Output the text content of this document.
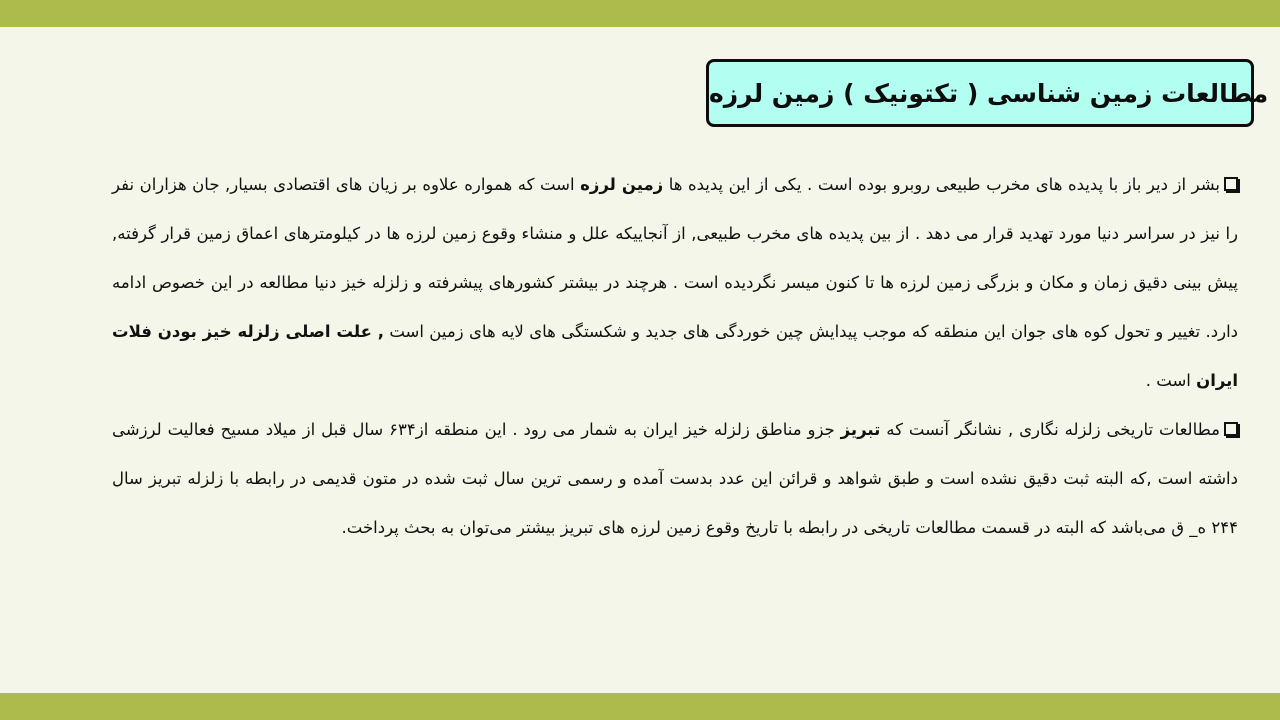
مطالعات زمین شناسی ( تکتونیک ) زمین لرزه

بشر از دیر باز با پدیده های مخرب طبیعی روبرو بوده است . یکی از این پدیده ها زمین لرزه است که همواره علاوه بر زیان های اقتصادی بسیار, جان هزاران نفر را نیز در سراسر دنیا مورد تهدید قرار می دهد . از بین پدیده های مخرب طبیعی, از آنجاییکه علل و منشاء وقوع زمین لرزه ها در کیلومترهای اعماق زمین قرار گرفته, پیش بینی دقیق زمان و مکان و بزرگی زمین لرزه ها تا کنون میسر نگردیده است . هرچند در بیشتر کشورهای پیشرفته و زلزله خیز دنیا مطالعه در این خصوص ادامه دارد. تغییر و تحول کوه های جوان این منطقه که موجب پیدایش چین خوردگی های جدید و شکستگی های لایه های زمین است , علت اصلی زلزله خیز بودن فلات ایران است .

مطالعات تاریخی زلزله نگاری , نشانگر آنست که تبریز جزو مناطق زلزله خیز ایران به شمار می رود . این منطقه از۶۳۴ سال قبل از میلاد مسیح فعالیت لرزشی داشته است ,که البته ثبت دقیق نشده است و طبق شواهد و قرائن این عدد بدست آمده و رسمی ترین سال ثبت شده در متون قدیمی در رابطه با زلزله تبریز سال ۲۴۴ ه_ ق می‌باشد که البته در قسمت مطالعات تاریخی در رابطه با تاریخ وقوع زمین لرزه های تبریز بیشتر می‌توان به بحث پرداخت.
